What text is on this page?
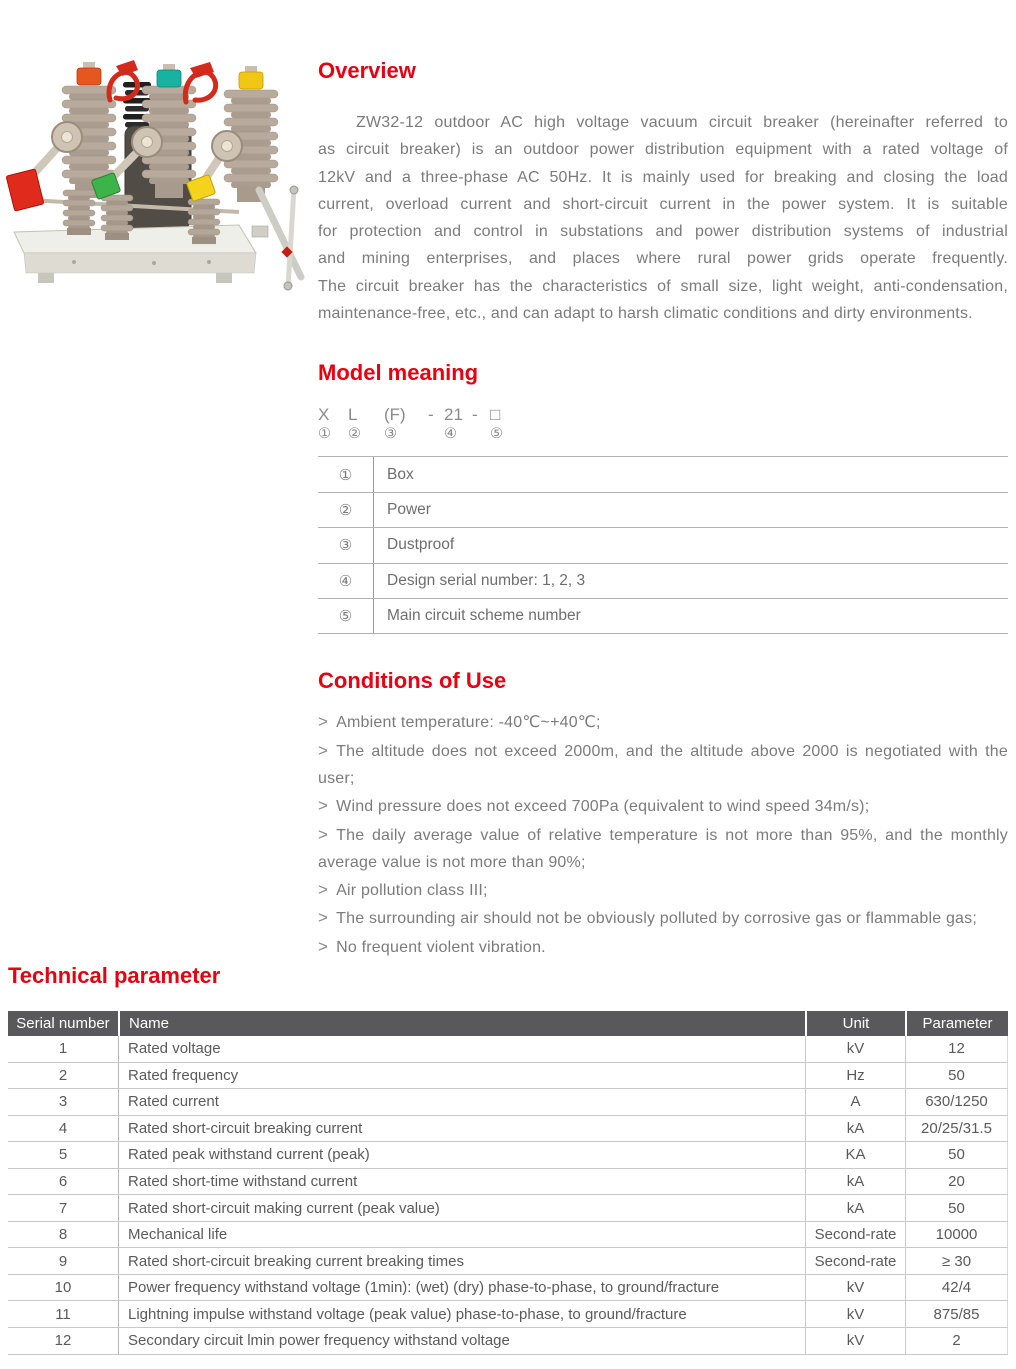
Overview
ZW32-12 outdoor AC high voltage vacuum circuit breaker (hereinafter referred to
as circuit breaker) is an outdoor power distribution equipment with a rated voltage of
12kV and a three-phase AC 50Hz. It is mainly used for breaking and closing the load
current, overload current and short-circuit current in the power system. It is suitable
for protection and control in substations and power distribution systems of industrial
and mining enterprises, and places where rural power grids operate frequently.
The circuit breaker has the characteristics of small size, light weight, anti-condensation,
maintenance-free, etc., and can adapt to harsh climatic conditions and dirty environments.
Model meaning
X
①
L
②
(F)
③
-
21
④
-
□
⑤
①	Box
②	Power
③	Dustproof
④	Design serial number: 1, 2, 3
⑤	Main circuit scheme number
Conditions of Use
> Ambient temperature: -40℃~+40℃;
> The altitude does not exceed 2000m, and the altitude above 2000 is negotiated with the
user;
> Wind pressure does not exceed 700Pa (equivalent to wind speed 34m/s);
> The daily average value of relative temperature is not more than 95%, and the monthly
average value is not more than 90%;
> Air pollution class III;
> The surrounding air should not be obviously polluted by corrosive gas or flammable gas;
> No frequent violent vibration.
Technical parameter
Serial number	Name	Unit	Parameter
1	Rated voltage	kV	12
2	Rated frequency	Hz	50
3	Rated current	A	630/1250
4	Rated short-circuit breaking current	kA	20/25/31.5
5	Rated peak withstand current (peak)	KA	50
6	Rated short-time withstand current	kA	20
7	Rated short-circuit making current (peak value)	kA	50
8	Mechanical life	Second-rate	10000
9	Rated short-circuit breaking current breaking times	Second-rate	≥ 30
10	Power frequency withstand voltage (1min): (wet) (dry) phase-to-phase, to ground/fracture	kV	42/4
11	Lightning impulse withstand voltage (peak value) phase-to-phase, to ground/fracture	kV	875/85
12	Secondary circuit lmin power frequency withstand voltage	kV	2
